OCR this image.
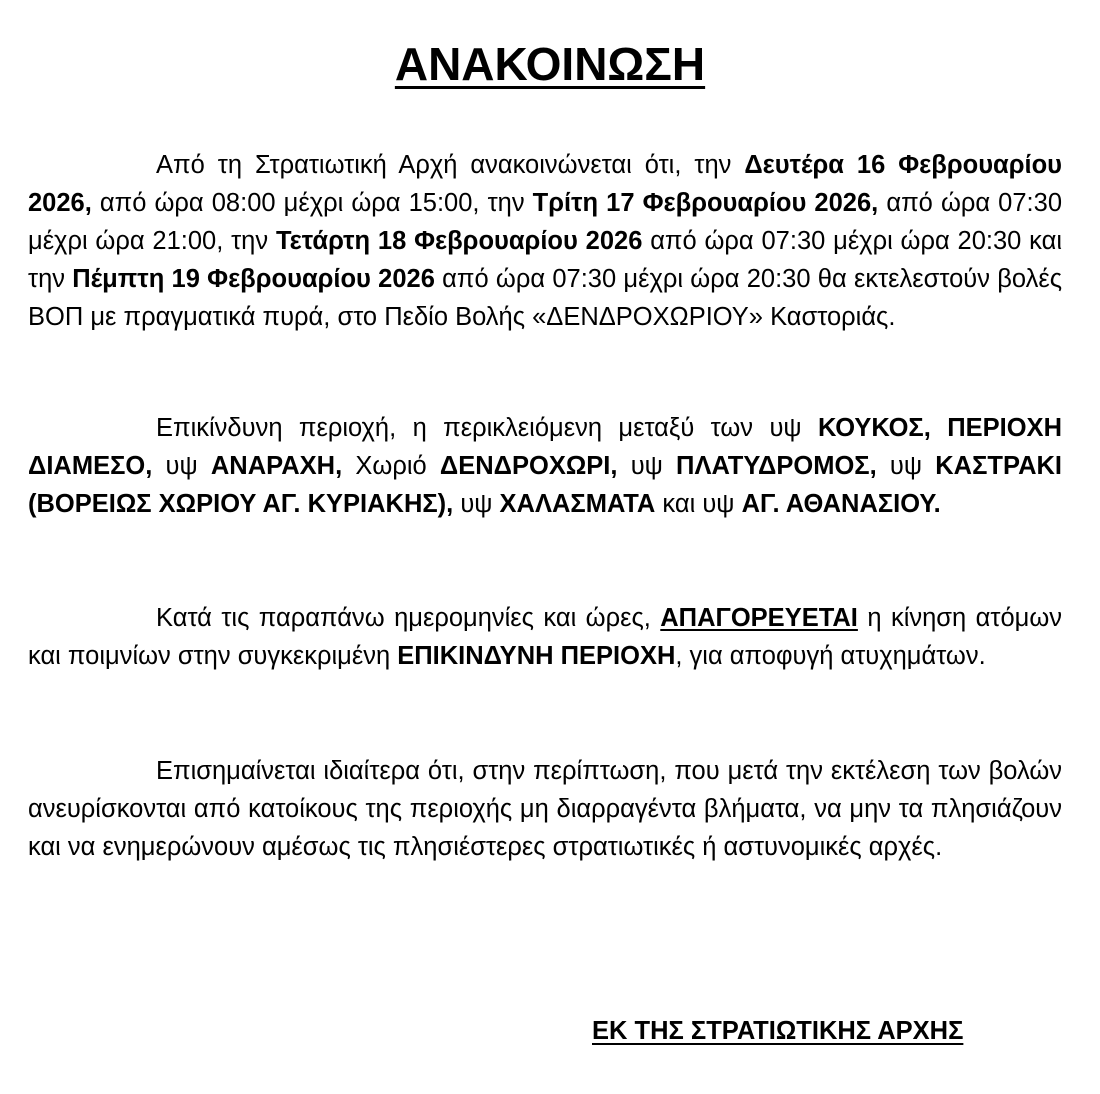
ΑΝΑΚΟΙΝΩΣΗ

Από τη Στρατιωτική Αρχή ανακοινώνεται ότι, την Δευτέρα 16 Φεβρουαρίου 2026, από ώρα 08:00 μέχρι ώρα 15:00, την Τρίτη 17 Φεβρουαρίου 2026, από ώρα 07:30 μέχρι ώρα 21:00, την Τετάρτη 18 Φεβρουαρίου 2026 από ώρα 07:30 μέχρι ώρα 20:30 και την Πέμπτη 19 Φεβρουαρίου 2026 από ώρα 07:30 μέχρι ώρα 20:30 θα εκτελεστούν βολές ΒΟΠ με πραγματικά πυρά, στο Πεδίο Βολής «ΔΕΝΔΡΟΧΩΡΙΟΥ» Καστοριάς.

Επικίνδυνη περιοχή, η περικλειόμενη μεταξύ των υψ ΚΟΥΚΟΣ, ΠΕΡΙΟΧΗ ΔΙΑΜΕΣΟ, υψ ΑΝΑΡΑΧΗ, Χωριό ΔΕΝΔΡΟΧΩΡΙ, υψ ΠΛΑΤΥΔΡΟΜΟΣ, υψ ΚΑΣΤΡΑΚΙ (ΒΟΡΕΙΩΣ ΧΩΡΙΟΥ ΑΓ. ΚΥΡΙΑΚΗΣ), υψ ΧΑΛΑΣΜΑΤΑ και υψ ΑΓ. ΑΘΑΝΑΣΙΟΥ.

Κατά τις παραπάνω ημερομηνίες και ώρες, ΑΠΑΓΟΡΕΥΕΤΑΙ η κίνηση ατόμων και ποιμνίων στην συγκεκριμένη ΕΠΙΚΙΝΔΥΝΗ ΠΕΡΙΟΧΗ, για αποφυγή ατυχημάτων.

Επισημαίνεται ιδιαίτερα ότι, στην περίπτωση, που μετά την εκτέλεση των βολών ανευρίσκονται από κατοίκους της περιοχής μη διαρραγέντα βλήματα, να μην τα πλησιάζουν και να ενημερώνουν αμέσως τις πλησιέστερες στρατιωτικές ή αστυνομικές αρχές.

ΕΚ ΤΗΣ ΣΤΡΑΤΙΩΤΙΚΗΣ ΑΡΧΗΣ
